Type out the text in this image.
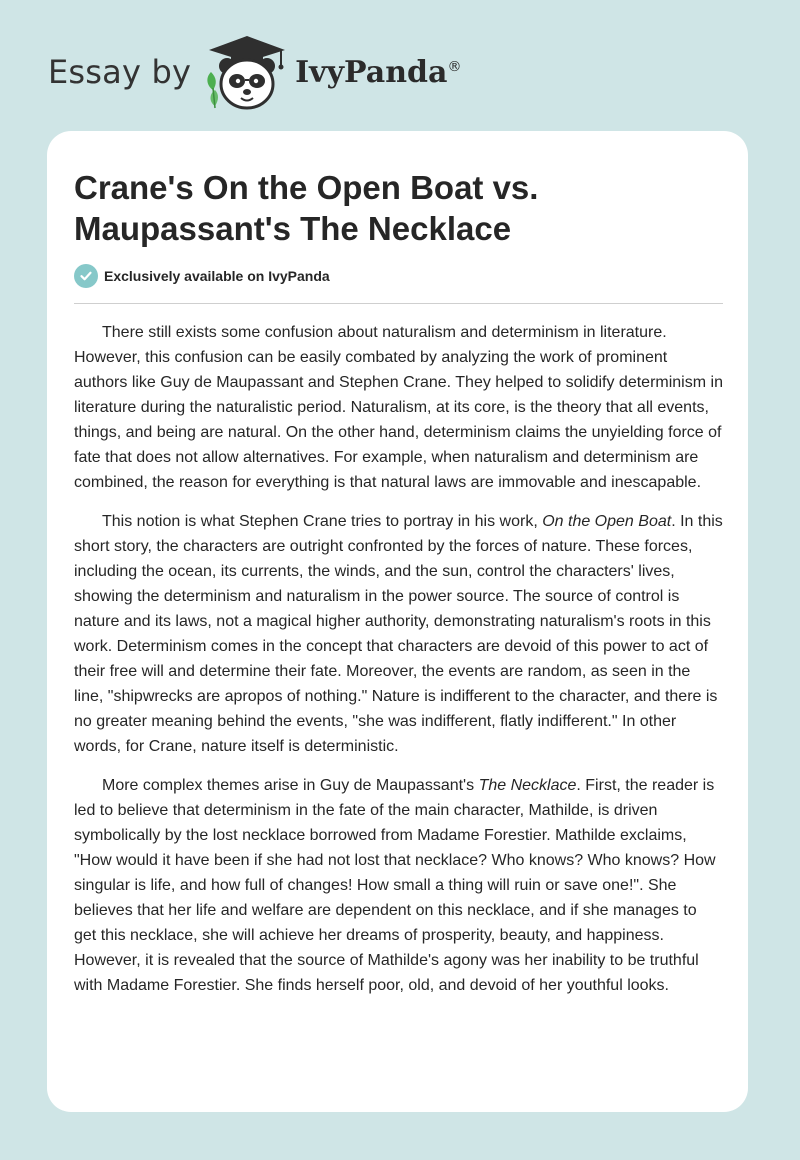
Essay by	IvyPanda®
Crane's On the Open Boat vs. Maupassant's The Necklace
Exclusively available on IvyPanda

There still exists some confusion about naturalism and determinism in literature. However, this confusion can be easily combated by analyzing the work of prominent authors like Guy de Maupassant and Stephen Crane. They helped to solidify determinism in literature during the naturalistic period. Naturalism, at its core, is the theory that all events, things, and being are natural. On the other hand, determinism claims the unyielding force of fate that does not allow alternatives. For example, when naturalism and determinism are combined, the reason for everything is that natural laws are immovable and inescapable.

This notion is what Stephen Crane tries to portray in his work, On the Open Boat. In this short story, the characters are outright confronted by the forces of nature. These forces, including the ocean, its currents, the winds, and the sun, control the characters' lives, showing the determinism and naturalism in the power source. The source of control is nature and its laws, not a magical higher authority, demonstrating naturalism's roots in this work. Determinism comes in the concept that characters are devoid of this power to act of their free will and determine their fate. Moreover, the events are random, as seen in the line, "shipwrecks are apropos of nothing." Nature is indifferent to the character, and there is no greater meaning behind the events, "she was indifferent, flatly indifferent." In other words, for Crane, nature itself is deterministic.

More complex themes arise in Guy de Maupassant's The Necklace. First, the reader is led to believe that determinism in the fate of the main character, Mathilde, is driven symbolically by the lost necklace borrowed from Madame Forestier. Mathilde exclaims, "How would it have been if she had not lost that necklace? Who knows? Who knows? How singular is life, and how full of changes! How small a thing will ruin or save one!". She believes that her life and welfare are dependent on this necklace, and if she manages to get this necklace, she will achieve her dreams of prosperity, beauty, and happiness. However, it is revealed that the source of Mathilde's agony was her inability to be truthful with Madame Forestier. She finds herself poor, old, and devoid of her youthful looks.
